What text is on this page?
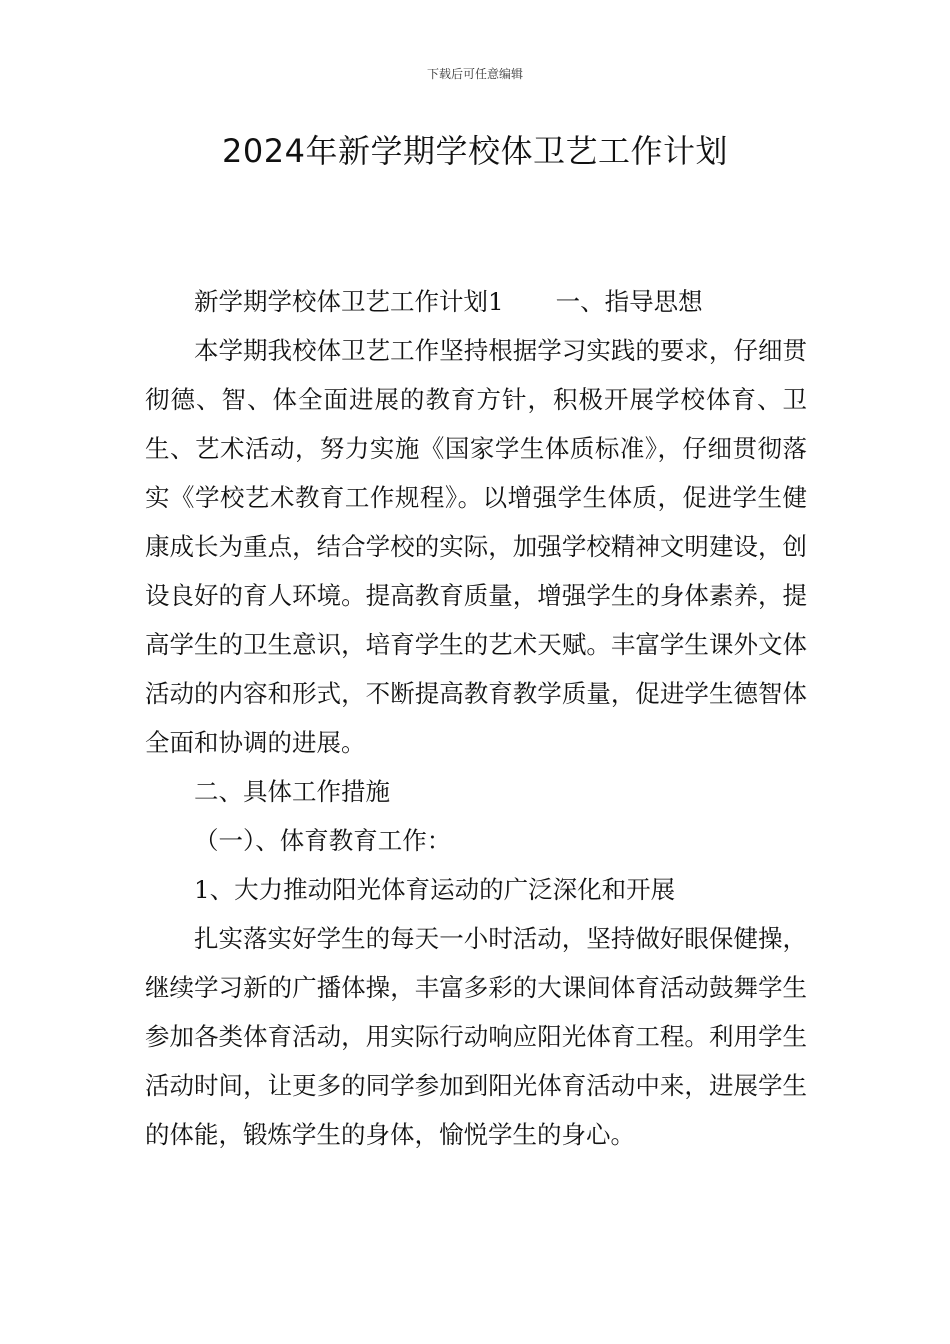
下载后可任意编辑
2024年新学期学校体卫艺工作计划

新学期学校体卫艺工作计划1 一、指导思想

本学期我校体卫艺工作坚持根据学习实践的要求，仔细贯彻德、智、体全面进展的教育方针，积极开展学校体育、卫生、艺术活动，努力实施《国家学生体质标准》，仔细贯彻落实《学校艺术教育工作规程》。以增强学生体质，促进学生健康成长为重点，结合学校的实际，加强学校精神文明建设，创设良好的育人环境。提高教育质量，增强学生的身体素养，提高学生的卫生意识，培育学生的艺术天赋。丰富学生课外文体活动的内容和形式，不断提高教育教学质量，促进学生德智体全面和协调的进展。

二、具体工作措施

（一）、体育教育工作：

1、大力推动阳光体育运动的广泛深化和开展

扎实落实好学生的每天一小时活动，坚持做好眼保健操，继续学习新的广播体操，丰富多彩的大课间体育活动鼓舞学生参加各类体育活动，用实际行动响应阳光体育工程。利用学生活动时间，让更多的同学参加到阳光体育活动中来，进展学生的体能，锻炼学生的身体，愉悦学生的身心。
